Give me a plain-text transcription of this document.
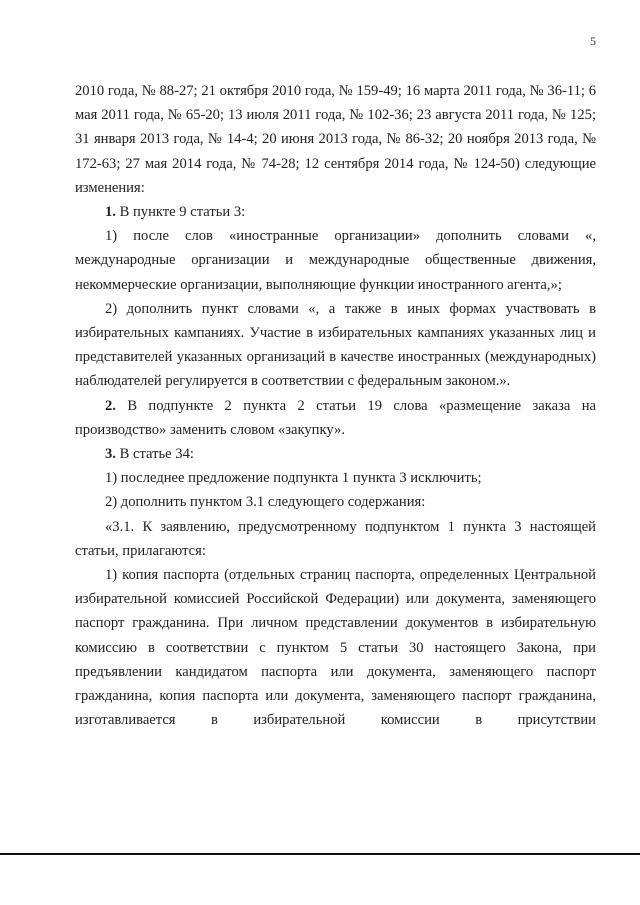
5

2010 года, № 88-27; 21 октября 2010 года, № 159-49; 16 марта 2011 года, № 36-11; 6 мая 2011 года, № 65-20; 13 июля 2011 года, № 102-36; 23 августа 2011 года, № 125; 31 января 2013 года, № 14-4; 20 июня 2013 года, № 86-32; 20 ноября 2013 года, № 172-63; 27 мая 2014 года, № 74-28; 12 сентября 2014 года, № 124-50) следующие изменения:

1. В пункте 9 статьи 3:

1) после слов «иностранные организации» дополнить словами «, международные организации и международные общественные движения, некоммерческие организации, выполняющие функции иностранного агента,»;

2) дополнить пункт словами «, а также в иных формах участвовать в избирательных кампаниях. Участие в избирательных кампаниях указанных лиц и представителей указанных организаций в качестве иностранных (международных) наблюдателей регулируется в соответствии с федеральным законом.».

2. В подпункте 2 пункта 2 статьи 19 слова «размещение заказа на производство» заменить словом «закупку».

3. В статье 34:

1) последнее предложение подпункта 1 пункта 3 исключить;

2) дополнить пунктом 3.1 следующего содержания:

«3.1. К заявлению, предусмотренному подпунктом 1 пункта 3 настоящей статьи, прилагаются:

1) копия паспорта (отдельных страниц паспорта, определенных Центральной избирательной комиссией Российской Федерации) или документа, заменяющего паспорт гражданина. При личном представлении документов в избирательную комиссию в соответствии с пунктом 5 статьи 30 настоящего Закона, при предъявлении кандидатом паспорта или документа, заменяющего паспорт гражданина, копия паспорта или документа, заменяющего паспорт гражданина, изготавливается в избирательной комиссии в присутствии
